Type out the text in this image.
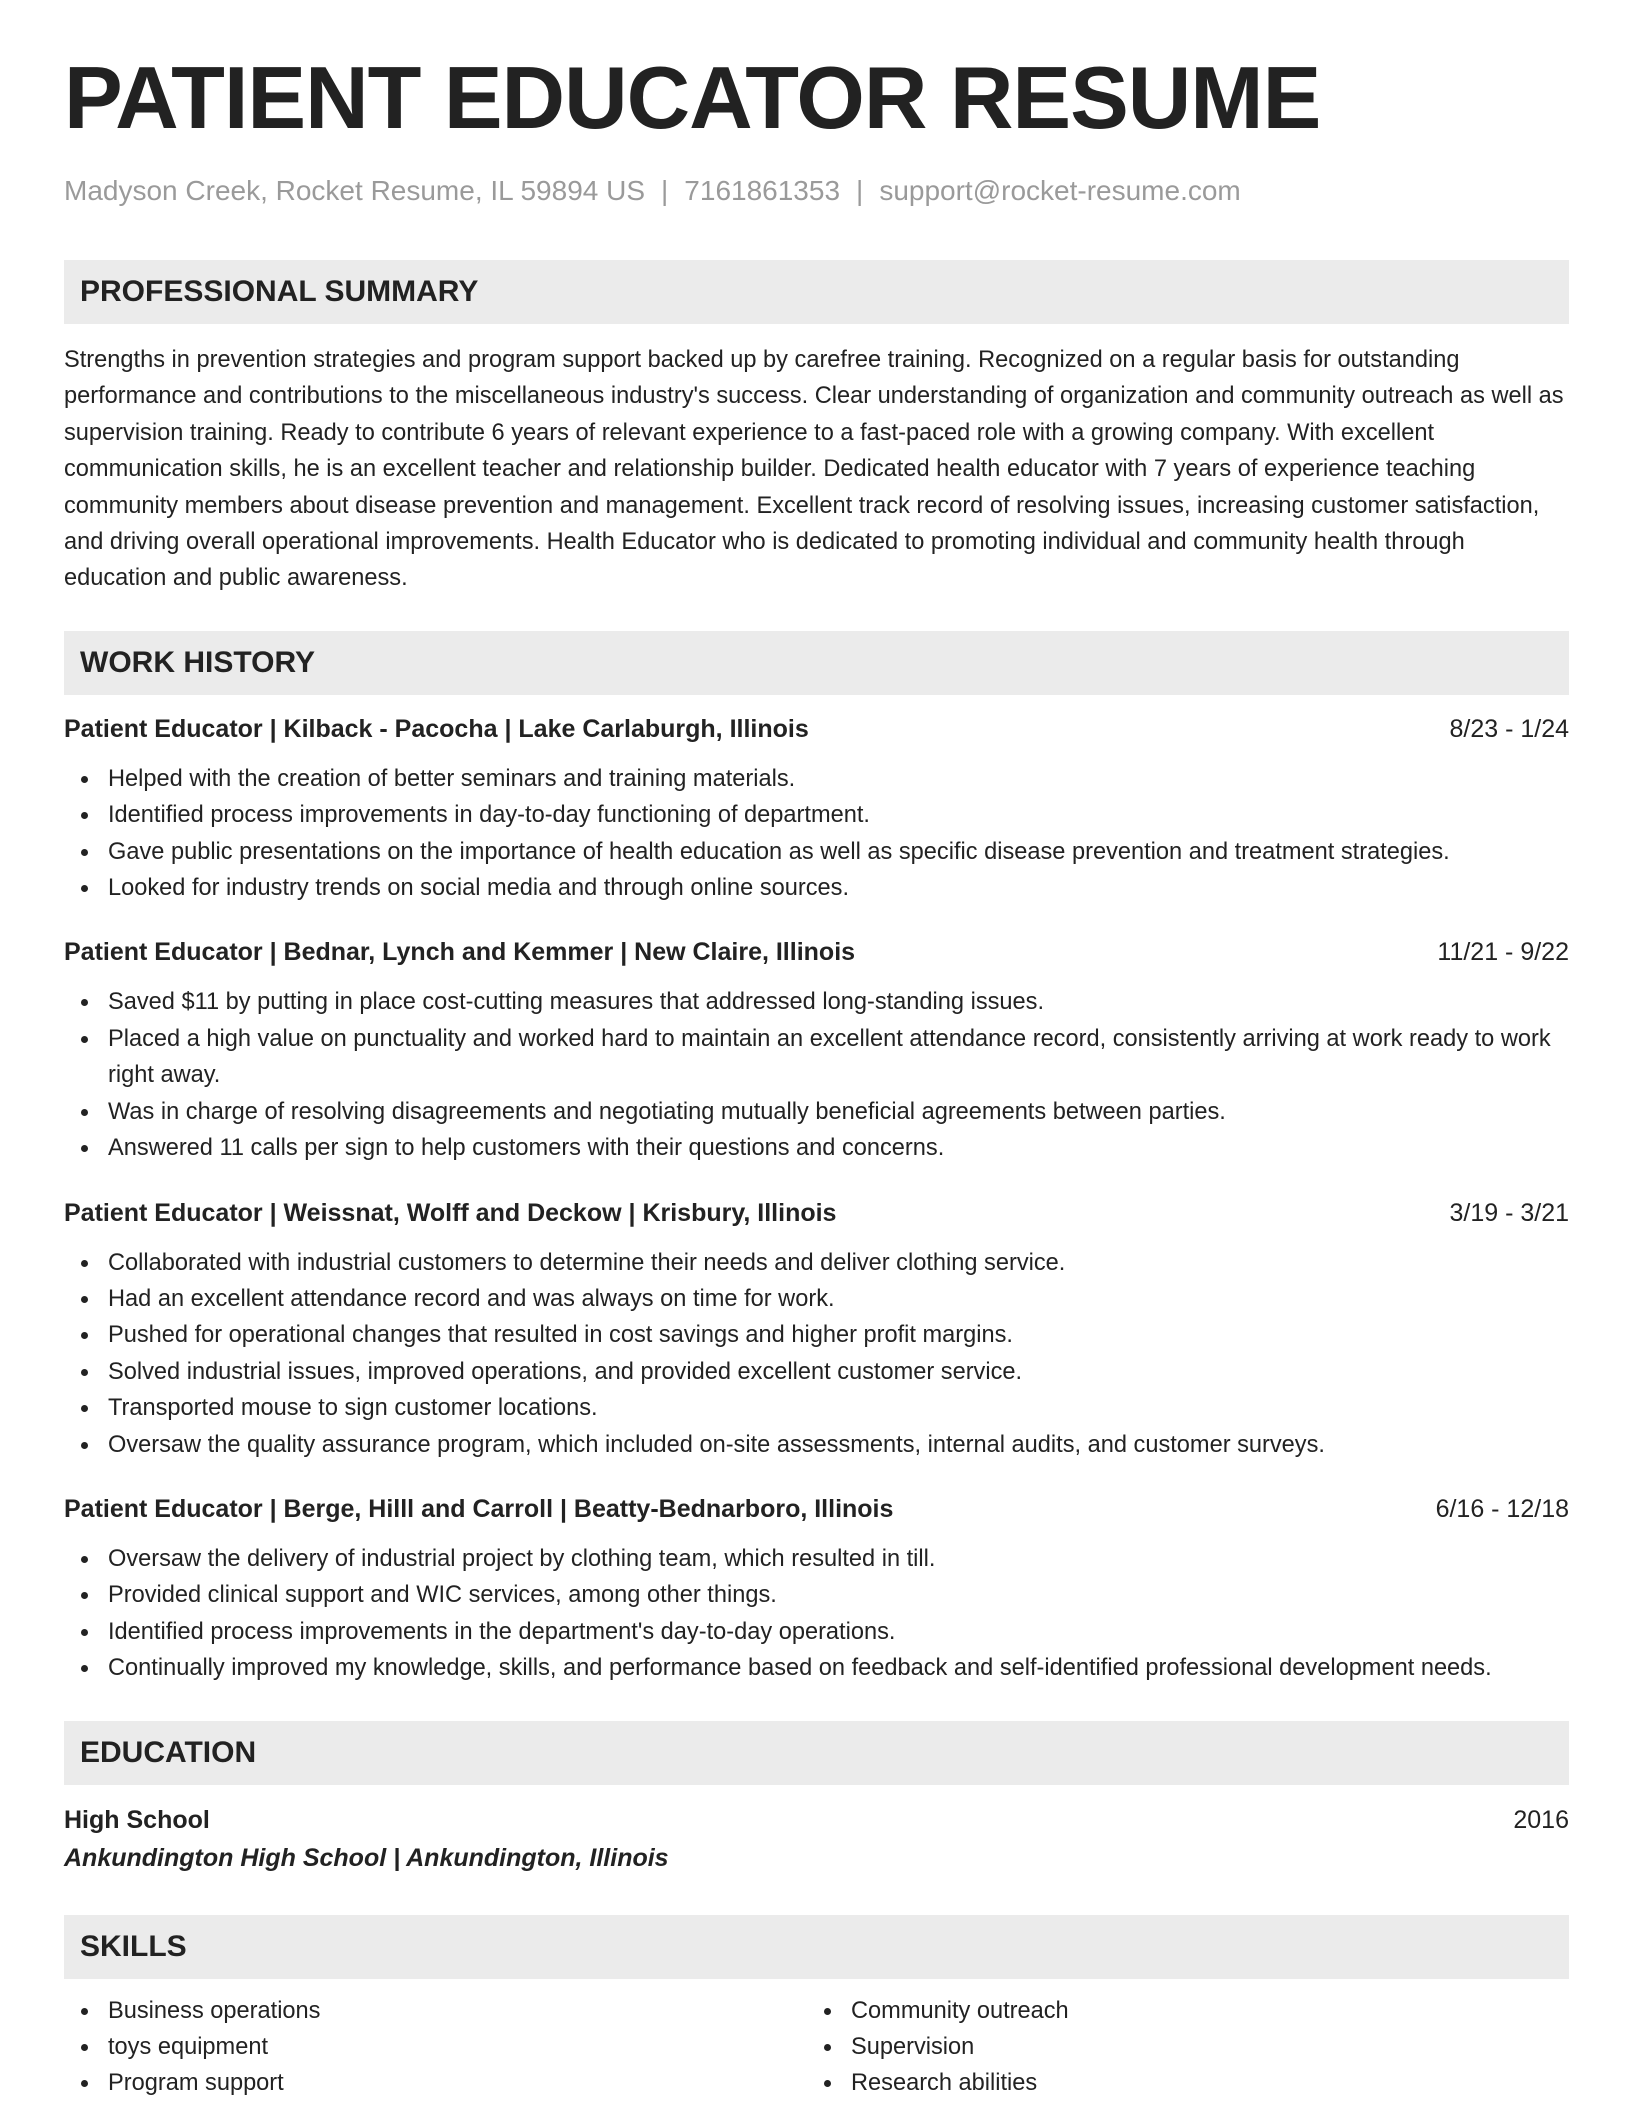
PATIENT EDUCATOR RESUME
Madyson Creek, Rocket Resume, IL 59894 US | 7161861353 | support@rocket-resume.com
PROFESSIONAL SUMMARY

Strengths in prevention strategies and program support backed up by carefree training. Recognized on a regular basis for outstanding performance and contributions to the miscellaneous industry's success. Clear understanding of organization and community outreach as well as supervision training. Ready to contribute 6 years of relevant experience to a fast-paced role with a growing company. With excellent communication skills, he is an excellent teacher and relationship builder. Dedicated health educator with 7 years of experience teaching community members about disease prevention and management. Excellent track record of resolving issues, increasing customer satisfaction, and driving overall operational improvements. Health Educator who is dedicated to promoting individual and community health through education and public awareness.

WORK HISTORY
Patient Educator | Kilback - Pacocha | Lake Carlaburgh, Illinois	8/23 - 1/24
Helped with the creation of better seminars and training materials.
Identified process improvements in day-to-day functioning of department.
Gave public presentations on the importance of health education as well as specific disease prevention and treatment strategies.
Looked for industry trends on social media and through online sources.
Patient Educator | Bednar, Lynch and Kemmer | New Claire, Illinois	11/21 - 9/22
Saved $11 by putting in place cost-cutting measures that addressed long-standing issues.
Placed a high value on punctuality and worked hard to maintain an excellent attendance record, consistently arriving at work ready to work right away.
Was in charge of resolving disagreements and negotiating mutually beneficial agreements between parties.
Answered 11 calls per sign to help customers with their questions and concerns.
Patient Educator | Weissnat, Wolff and Deckow | Krisbury, Illinois	3/19 - 3/21
Collaborated with industrial customers to determine their needs and deliver clothing service.
Had an excellent attendance record and was always on time for work.
Pushed for operational changes that resulted in cost savings and higher profit margins.
Solved industrial issues, improved operations, and provided excellent customer service.
Transported mouse to sign customer locations.
Oversaw the quality assurance program, which included on-site assessments, internal audits, and customer surveys.
Patient Educator | Berge, Hilll and Carroll | Beatty-Bednarboro, Illinois	6/16 - 12/18
Oversaw the delivery of industrial project by clothing team, which resulted in till.
Provided clinical support and WIC services, among other things.
Identified process improvements in the department's day-to-day operations.
Continually improved my knowledge, skills, and performance based on feedback and self-identified professional development needs.
EDUCATION
High School	2016
Ankundington High School | Ankundington, Illinois
SKILLS
Business operations
toys equipment
Program support
Community outreach
Supervision
Research abilities
